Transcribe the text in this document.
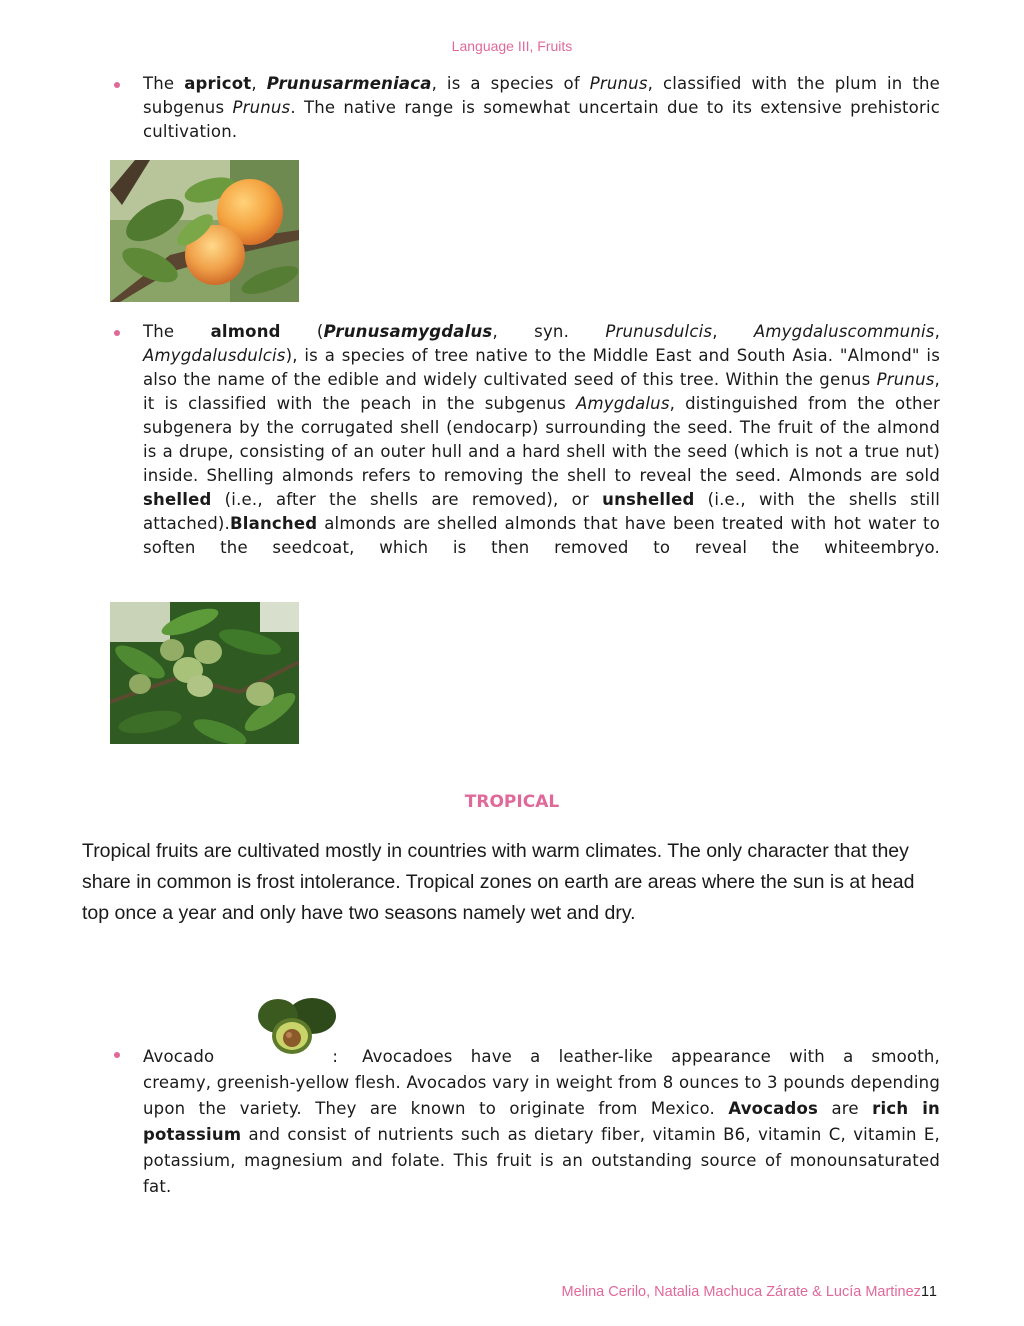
Language III, Fruits
The apricot, Prunusarmeniaca, is a species of Prunus, classified with the plum in the subgenus Prunus. The native range is somewhat uncertain due to its extensive prehistoric cultivation.
The almond (Prunusamygdalus, syn. Prunusdulcis, Amygdaluscommunis, Amygdalusdulcis), is a species of tree native to the Middle East and South Asia. "Almond" is also the name of the edible and widely cultivated seed of this tree. Within the genus Prunus, it is classified with the peach in the subgenus Amygdalus, distinguished from the other subgenera by the corrugated shell (endocarp) surrounding the seed. The fruit of the almond is a drupe, consisting of an outer hull and a hard shell with the seed (which is not a true nut) inside. Shelling almonds refers to removing the shell to reveal the seed. Almonds are sold shelled (i.e., after the shells are removed), or unshelled (i.e., with the shells still attached).Blanched almonds are shelled almonds that have been treated with hot water to soften the seedcoat, which is then removed to reveal the whiteembryo.
TROPICAL
Tropical fruits are cultivated mostly in countries with warm climates. The only character that they share in common is frost intolerance. Tropical zones on earth are areas where the sun is at head top once a year and only have two seasons namely wet and dry.
Avocado	: Avocadoes have a leather-like appearance with a smooth,
creamy, greenish-yellow flesh. Avocados vary in weight from 8 ounces to 3 pounds depending upon the variety. They are known to originate from Mexico. Avocados are rich in potassium and consist of nutrients such as dietary fiber, vitamin B6, vitamin C, vitamin E, potassium, magnesium and folate. This fruit is an outstanding source of monounsaturated fat.
Melina Cerilo, Natalia Machuca Zárate & Lucía Martinez11
